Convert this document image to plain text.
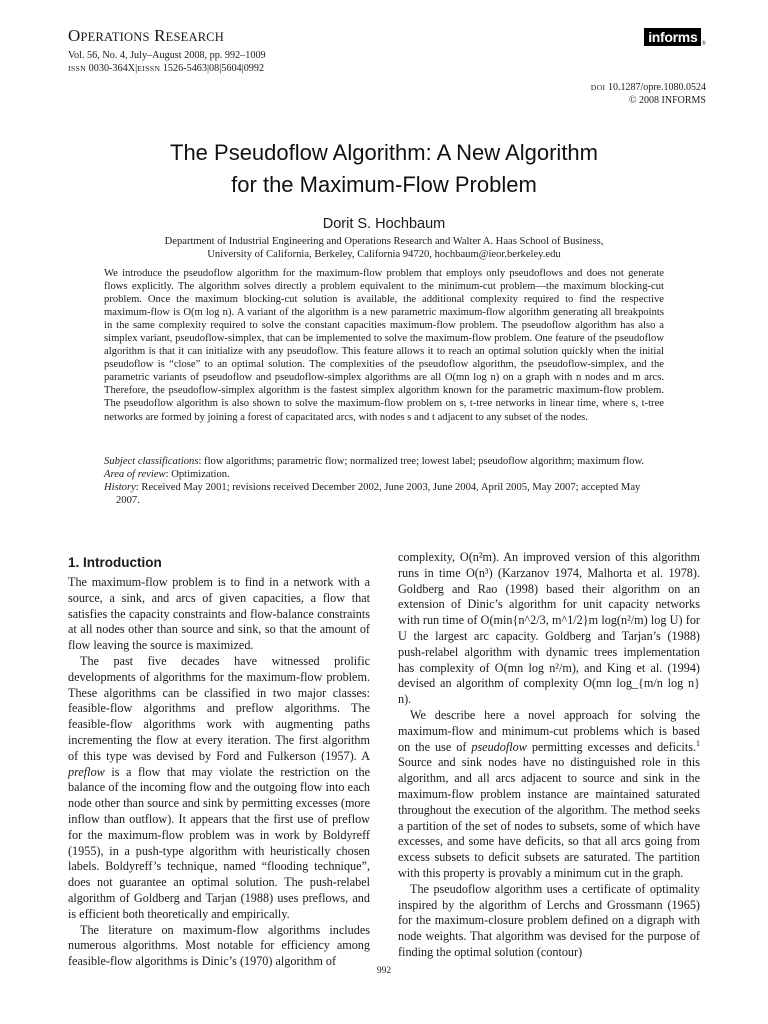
OPERATIONS RESEARCH
Vol. 56, No. 4, July–August 2008, pp. 992–1009
ISSN 0030-364X|EISSN 1526-5463|08|5604|0992
informs ®
DOI 10.1287/opre.1080.0524
© 2008 INFORMS
The Pseudoflow Algorithm: A New Algorithm
for the Maximum-Flow Problem
Dorit S. Hochbaum
Department of Industrial Engineering and Operations Research and Walter A. Haas School of Business,
University of California, Berkeley, California 94720, hochbaum@ieor.berkeley.edu
We introduce the pseudoflow algorithm for the maximum-flow problem that employs only pseudoflows and does not generate flows explicitly. The algorithm solves directly a problem equivalent to the minimum-cut problem—the maximum blocking-cut problem. Once the maximum blocking-cut solution is available, the additional complexity required to find the respective maximum-flow is O(m log n). A variant of the algorithm is a new parametric maximum-flow algorithm generating all breakpoints in the same complexity required to solve the constant capacities maximum-flow problem. The pseudoflow algorithm has also a simplex variant, pseudoflow-simplex, that can be implemented to solve the maximum-flow problem. One feature of the pseudoflow algorithm is that it can initialize with any pseudoflow. This feature allows it to reach an optimal solution quickly when the initial pseudoflow is “close” to an optimal solution. The complexities of the pseudoflow algorithm, the pseudoflow-simplex, and the parametric variants of pseudoflow and pseudoflow-simplex algorithms are all O(mn log n) on a graph with n nodes and m arcs. Therefore, the pseudoflow-simplex algorithm is the fastest simplex algorithm known for the parametric maximum-flow problem. The pseudoflow algorithm is also shown to solve the maximum-flow problem on s, t-tree networks in linear time, where s, t-tree networks are formed by joining a forest of capacitated arcs, with nodes s and t adjacent to any subset of the nodes.

Subject classifications: flow algorithms; parametric flow; normalized tree; lowest label; pseudoflow algorithm; maximum flow.

Area of review: Optimization.

History: Received May 2001; revisions received December 2002, June 2003, June 2004, April 2005, May 2007; accepted May 2007.

1. Introduction

The maximum-flow problem is to find in a network with a source, a sink, and arcs of given capacities, a flow that satisfies the capacity constraints and flow-balance constraints at all nodes other than source and sink, so that the amount of flow leaving the source is maximized.

The past five decades have witnessed prolific developments of algorithms for the maximum-flow problem. These algorithms can be classified in two major classes: feasible-flow algorithms and preflow algorithms. The feasible-flow algorithms work with augmenting paths incrementing the flow at every iteration. The first algorithm of this type was devised by Ford and Fulkerson (1957). A preflow is a flow that may violate the restriction on the balance of the incoming flow and the outgoing flow into each node other than source and sink by permitting excesses (more inflow than outflow). It appears that the first use of preflow for the maximum-flow problem was in work by Boldyreff (1955), in a push-type algorithm with heuristically chosen labels. Boldyreff’s technique, named “flooding technique”, does not guarantee an optimal solution. The push-relabel algorithm of Goldberg and Tarjan (1988) uses preflows, and is efficient both theoretically and empirically.

The literature on maximum-flow algorithms includes numerous algorithms. Most notable for efficiency among feasible-flow algorithms is Dinic’s (1970) algorithm of

complexity, O(n²m). An improved version of this algorithm runs in time O(n³) (Karzanov 1974, Malhorta et al. 1978). Goldberg and Rao (1998) based their algorithm on an extension of Dinic’s algorithm for unit capacity networks with run time of O(min{n^2/3, m^1/2}m log(n²/m) log U) for U the largest arc capacity. Goldberg and Tarjan’s (1988) push-relabel algorithm with dynamic trees implementation has complexity of O(mn log n²/m), and King et al. (1994) devised an algorithm of complexity O(mn log_{m/n log n} n).

We describe here a novel approach for solving the maximum-flow and minimum-cut problems which is based on the use of pseudoflow permitting excesses and deficits.$^1$ Source and sink nodes have no distinguished role in this algorithm, and all arcs adjacent to source and sink in the maximum-flow problem instance are maintained saturated throughout the execution of the algorithm. The method seeks a partition of the set of nodes to subsets, some of which have excesses, and some have deficits, so that all arcs going from excess subsets to deficit subsets are saturated. The partition with this property is provably a minimum cut in the graph.

The pseudoflow algorithm uses a certificate of optimality inspired by the algorithm of Lerchs and Grossmann (1965) for the maximum-closure problem defined on a digraph with node weights. That algorithm was devised for the purpose of finding the optimal solution (contour)

992
